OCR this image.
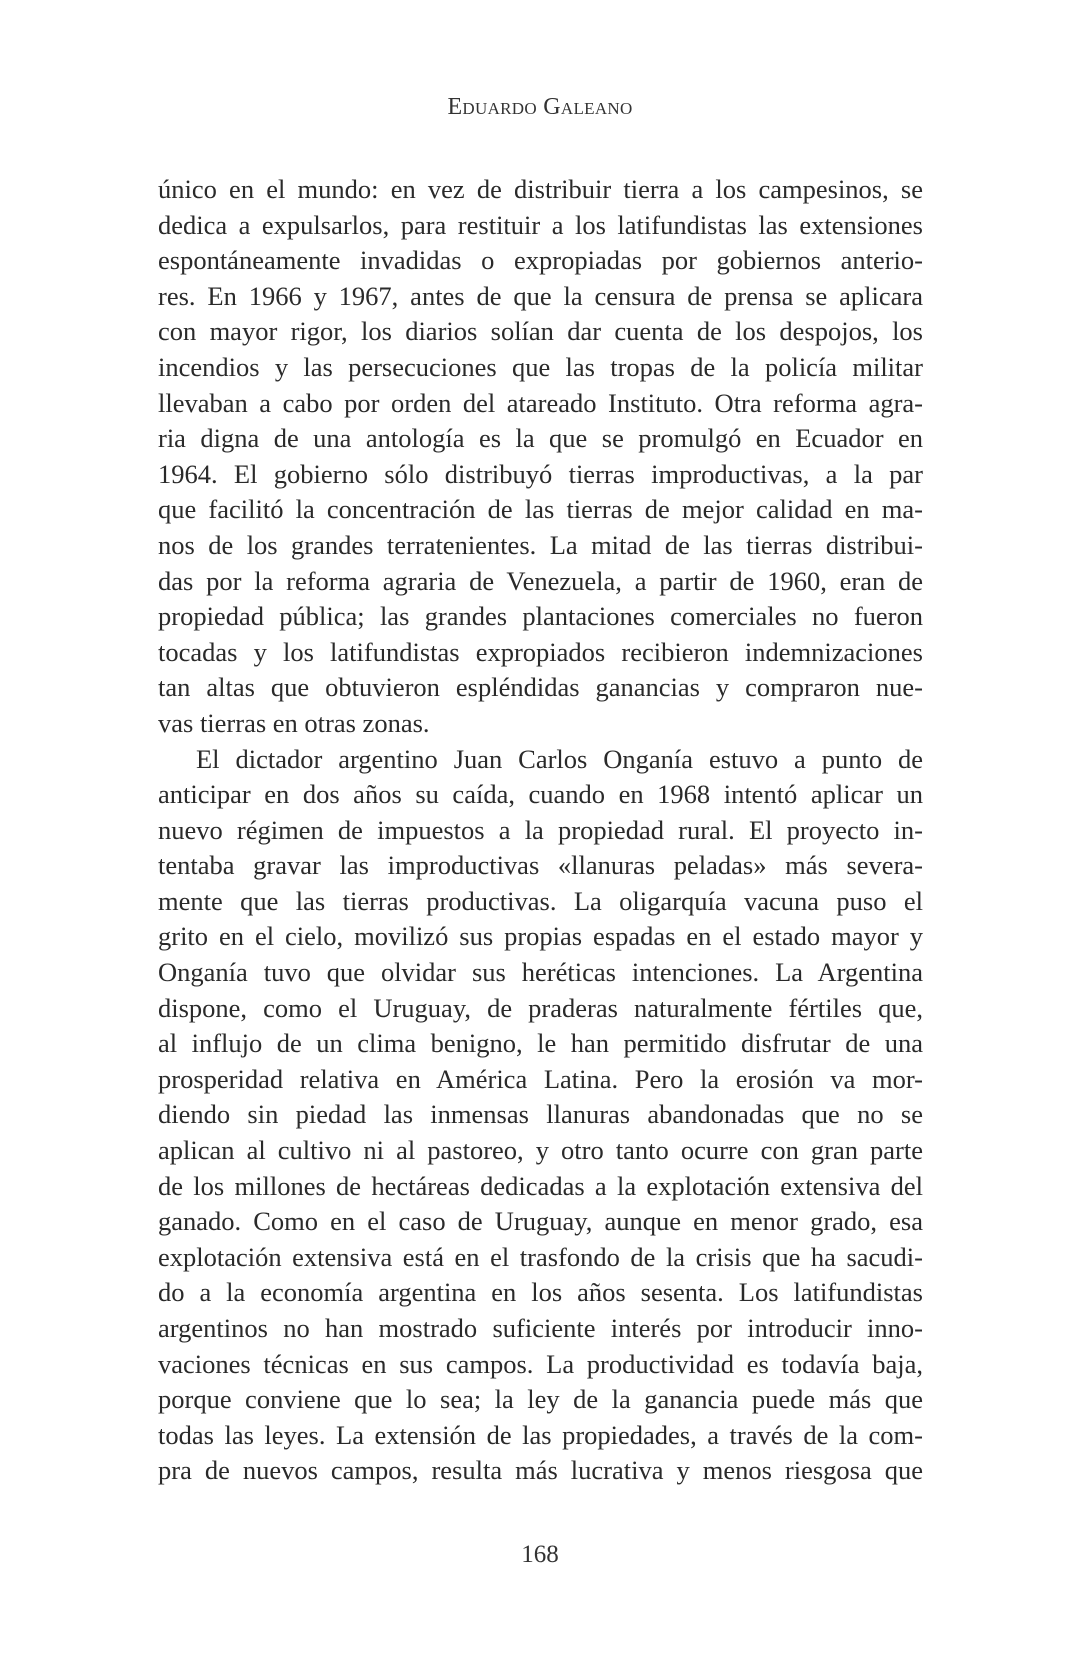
Eduardo Galeano
único en el mundo: en vez de distribuir tierra a los campesinos, se
dedica a expulsarlos, para restituir a los latifundistas las extensiones
espontáneamente invadidas o expropiadas por gobiernos anterio-
res. En 1966 y 1967, antes de que la censura de prensa se aplicara
con mayor rigor, los diarios solían dar cuenta de los despojos, los
incendios y las persecuciones que las tropas de la policía militar
llevaban a cabo por orden del atareado Instituto. Otra reforma agra-
ria digna de una antología es la que se promulgó en Ecuador en
1964. El gobierno sólo distribuyó tierras improductivas, a la par
que facilitó la concentración de las tierras de mejor calidad en ma-
nos de los grandes terratenientes. La mitad de las tierras distribui-
das por la reforma agraria de Venezuela, a partir de 1960, eran de
propiedad pública; las grandes plantaciones comerciales no fueron
tocadas y los latifundistas expropiados recibieron indemnizaciones
tan altas que obtuvieron espléndidas ganancias y compraron nue-
vas tierras en otras zonas.
El dictador argentino Juan Carlos Onganía estuvo a punto de
anticipar en dos años su caída, cuando en 1968 intentó aplicar un
nuevo régimen de impuestos a la propiedad rural. El proyecto in-
tentaba gravar las improductivas «llanuras peladas» más severa-
mente que las tierras productivas. La oligarquía vacuna puso el
grito en el cielo, movilizó sus propias espadas en el estado mayor y
Onganía tuvo que olvidar sus heréticas intenciones. La Argentina
dispone, como el Uruguay, de praderas naturalmente fértiles que,
al influjo de un clima benigno, le han permitido disfrutar de una
prosperidad relativa en América Latina. Pero la erosión va mor-
diendo sin piedad las inmensas llanuras abandonadas que no se
aplican al cultivo ni al pastoreo, y otro tanto ocurre con gran parte
de los millones de hectáreas dedicadas a la explotación extensiva del
ganado. Como en el caso de Uruguay, aunque en menor grado, esa
explotación extensiva está en el trasfondo de la crisis que ha sacudi-
do a la economía argentina en los años sesenta. Los latifundistas
argentinos no han mostrado suficiente interés por introducir inno-
vaciones técnicas en sus campos. La productividad es todavía baja,
porque conviene que lo sea; la ley de la ganancia puede más que
todas las leyes. La extensión de las propiedades, a través de la com-
pra de nuevos campos, resulta más lucrativa y menos riesgosa que
168
